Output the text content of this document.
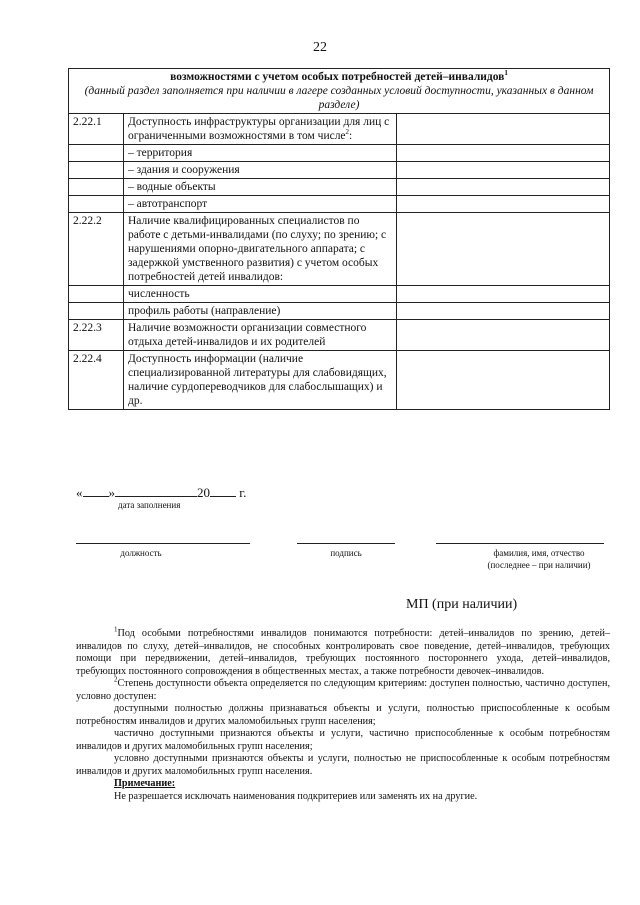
22
возможностями с учетом особых потребностей детей–инвалидов$^1$
(данный раздел заполняется при наличии в лагере созданных условий доступности, указанных в данном разделе)		

2.22.1	Доступность инфраструктуры организации для лиц с ограниченными возможностями в том числе$^2$:	
	– территория	
	– здания и сооружения	
	– водные объекты	
	– автотранспорт	
2.22.2	Наличие квалифицированных специалистов по работе с детьми-инвалидами (по слуху; по зрению; с нарушениями опорно-двигательного аппарата; с задержкой умственного развития) с учетом особых потребностей детей инвалидов:	
	численность	
	профиль работы (направление)	
2.22.3	Наличие возможности организации совместного отдыха детей-инвалидов и их родителей	
2.22.4	Доступность информации (наличие специализированной литературы для слабовидящих, наличие сурдопереводчиков для слабослышащих) и др.	
« »	20 г.
дата заполнения
должность	подпись	фамилия, имя, отчество
(последнее – при наличии)
МП (при наличии)

$^1$Под особыми потребностями инвалидов понимаются потребности: детей–инвалидов по зрению, детей–инвалидов по слуху, детей–инвалидов, не способных контролировать свое поведение, детей–инвалидов, требующих помощи при передвижении, детей–инвалидов, требующих постоянного постороннего ухода, детей–инвалидов, требующих постоянного сопровождения в общественных местах, а также потребности девочек–инвалидов.

$^2$Степень доступности объекта определяется по следующим критериям: доступен полностью, частично доступен, условно доступен:

доступными полностью должны признаваться объекты и услуги, полностью приспособленные к особым потребностям инвалидов и других маломобильных групп населения;

частично доступными признаются объекты и услуги, частично приспособленные к особым потребностям инвалидов и других маломобильных групп населения;

условно доступными признаются объекты и услуги, полностью не приспособленные к особым потребностям инвалидов и других маломобильных групп населения.

Примечание:

Не разрешается исключать наименования подкритериев или заменять их на другие.
